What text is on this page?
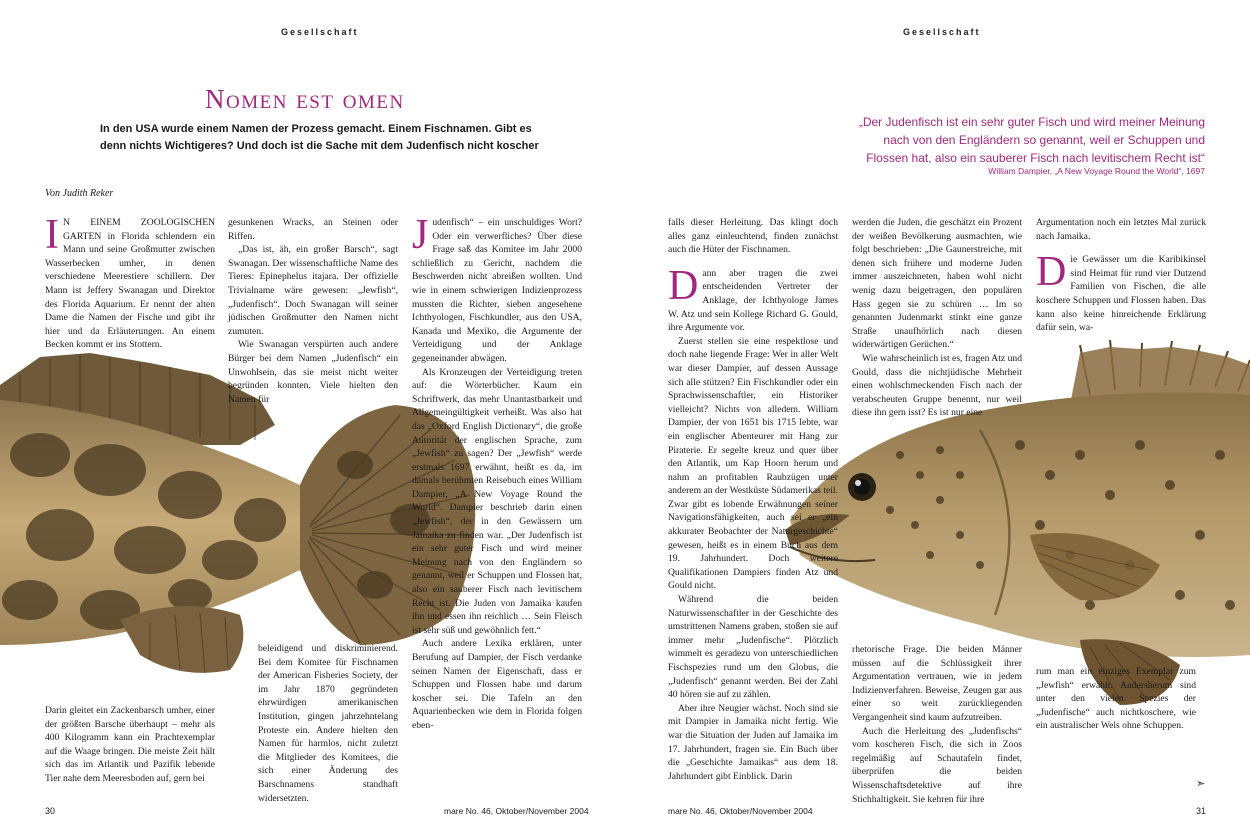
Gesellschaft
Nomen est omen
In den USA wurde einem Namen der Prozess gemacht. Einem Fischnamen. Gibt es denn nichts Wichtigeres? Und doch ist die Sache mit dem Judenfisch nicht koscher
Von Judith Reker

I N EINEM ZOOLOGISCHEN GARTEN in Florida schlendern ein Mann und seine Großmutter zwischen Wasserbecken umher, in denen verschiedene Meerestiere schillern. Der Mann ist Jeffery Swanagan und Direktor des Florida Aquarium. Er nennt der alten Dame die Namen der Fische und gibt ihr hier und da Erläuterungen. An einem Becken kommt er ins Stottern.

Darin gleitet ein Zackenbarsch umher, einer der größten Barsche überhaupt – mehr als 400 Kilogramm kann ein Prachtexemplar auf die Waage bringen. Die meiste Zeit hält sich das im Atlantik und Pazifik lebende Tier nahe dem Meeresboden auf, gern bei

gesunkenen Wracks, an Steinen oder Riffen.

„Das ist, äh, ein großer Barsch“, sagt Swanagan. Der wissenschaftliche Name des Tieres: Epinephelus itajara. Der offizielle Trivialname wäre gewesen: „Jewfish“, „Judenfisch“. Doch Swanagan will seiner jüdischen Großmutter den Namen nicht zumuten.

Wie Swanagan verspürten auch andere Bürger bei dem Namen „Judenfisch“ ein Unwohlsein, das sie meist nicht weiter begründen konnten. Viele hielten den Namen für

beleidigend und diskriminierend. Bei dem Komitee für Fischnamen der American Fisheries Society, der im Jahr 1870 gegründeten ehrwürdigen amerikanischen Institution, gingen jahrzehntelang Proteste ein. Andere hielten den Namen für harmlos, nicht zuletzt die Mitglieder des Komitees, die sich einer Änderung des Barschnamens standhaft widersetzten.

Judenfisch“ – ein unschuldiges Wort? Oder ein verwerfliches? Über diese Frage saß das Komitee im Jahr 2000 schließlich zu Gericht, nachdem die Beschwerden nicht abreißen wollten. Und wie in einem schwierigen Indizienprozess mussten die Richter, sieben angesehene Ichthyologen, Fischkundler, aus den USA, Kanada und Mexiko, die Argumente der Verteidigung und der Anklage gegeneinander abwägen.

Als Kronzeugen der Verteidigung treten auf: die Wörterbücher. Kaum ein Schriftwerk, das mehr Unantastbarkeit und Allgemeingültigkeit verheißt. Was also hat das „Oxford English Dictionary“, die große Autorität der englischen Sprache, zum „Jewfish“ zu sagen? Der „Jewfish“ werde erstmals 1697 erwähnt, heißt es da, im damals berühmten Reisebuch eines William Dampier, „A New Voyage Round the World“. Dampier beschrieb darin einen „Jewfish“, der in den Gewässern um Jamaika zu finden war. „Der Judenfisch ist ein sehr guter Fisch und wird meiner Meinung nach von den Engländern so genannt, weil er Schuppen und Flossen hat, also ein sauberer Fisch nach levitischem Recht ist. Die Juden von Jamaika kaufen ihn und essen ihn reichlich … Sein Fleisch ist sehr süß und gewöhnlich fett.“

Auch andere Lexika erklären, unter Berufung auf Dampier, der Fisch verdanke seinen Namen der Eigenschaft, dass er Schuppen und Flossen habe und darum koscher sei. Die Tafeln an den Aquarienbecken wie dem in Florida folgen eben-

30	mare No. 46, Oktober/November 2004
Gesellschaft
„Der Judenfisch ist ein sehr guter Fisch und wird meiner Meinung nach von den Engländern so genannt, weil er Schuppen und Flossen hat, also ein sauberer Fisch nach levitischem Recht ist“
William Dampier, „A New Voyage Round the World“, 1697

falls dieser Herleitung. Das klingt doch alles ganz einleuchtend, finden zunächst auch die Hüter der Fischnamen.

Dann aber tragen die zwei entscheidenden Vertreter der Anklage, der Ichthyologe James W. Atz und sein Kollege Richard G. Gould, ihre Argumente vor.

Zuerst stellen sie eine respektlose und doch nahe liegende Frage: Wer in aller Welt war dieser Dampier, auf dessen Aussage sich alle stützen? Ein Fischkundler oder ein Sprachwissenschaftler, ein Historiker vielleicht? Nichts von alledem. William Dampier, der von 1651 bis 1715 lebte, war ein englischer Abenteurer mit Hang zur Piraterie. Er segelte kreuz und quer über den Atlantik, um Kap Hoorn herum und nahm an profitablen Raubzügen unter anderem an der Westküste Südamerikas teil. Zwar gibt es lobende Erwähnungen seiner Navigationsfähigkeiten, auch sei er „ein akkurater Beobachter der Naturgeschichte“ gewesen, heißt es in einem Buch aus dem 19. Jahrhundert. Doch weitere Qualifikationen Dampiers finden Atz und Gould nicht.

Während die beiden Naturwissenschaftler in der Geschichte des umstrittenen Namens graben, stoßen sie auf immer mehr „Judenfische“. Plötzlich wimmelt es geradezu von unterschiedlichen Fischspezies rund um den Globus, die „Judenfisch“ genannt werden. Bei der Zahl 40 hören sie auf zu zählen.

Aber ihre Neugier wächst. Noch sind sie mit Dampier in Jamaika nicht fertig. Wie war die Situation der Juden auf Jamaika im 17. Jahrhundert, fragen sie. Ein Buch über die „Geschichte Jamaikas“ aus dem 18. Jahrhundert gibt Einblick. Darin

werden die Juden, die geschätzt ein Prozent der weißen Bevölkerung ausmachten, wie folgt beschrieben: „Die Gaunerstreiche, mit denen sich frühere und moderne Juden immer auszeichneten, haben wohl nicht wenig dazu beigetragen, den populären Hass gegen sie zu schüren … Im so genannten Judenmarkt stinkt eine ganze Straße unaufhörlich nach diesen widerwärtigen Gerüchen.“

Wie wahrscheinlich ist es, fragen Atz und Gould, dass die nichtjüdische Mehrheit einen wohlschmeckenden Fisch nach der verabscheuten Gruppe benennt, nur weil diese ihn gern isst? Es ist nur eine

rhetorische Frage. Die beiden Männer müssen auf die Schlüssigkeit ihrer Argumentation vertrauen, wie in jedem Indizienverfahren. Beweise, Zeugen gar aus einer so weit zurückliegenden Vergangenheit sind kaum aufzutreiben.

Auch die Herleitung des „Judenfischs“ vom koscheren Fisch, die sich in Zoos regelmäßig auf Schautafeln findet, überprüfen die beiden Wissenschaftsdetektive auf ihre Stichhaltigkeit. Sie kehren für ihre

Argumentation noch ein letztes Mal zurück nach Jamaika.

Die Gewässer um die Karibikinsel sind Heimat für rund vier Dutzend Familien von Fischen, die alle koschere Schuppen und Flossen haben. Das kann also keine hinreichende Erklärung dafür sein, wa-

rum man ein einziges Exemplar zum „Jewfish“ erwählt. Andersherum sind unter den vielen Spezies der „Judenfische“ auch nichtkoschere, wie ein australischer Wels ohne Schuppen.

➣
mare No. 46, Oktober/November 2004	31
